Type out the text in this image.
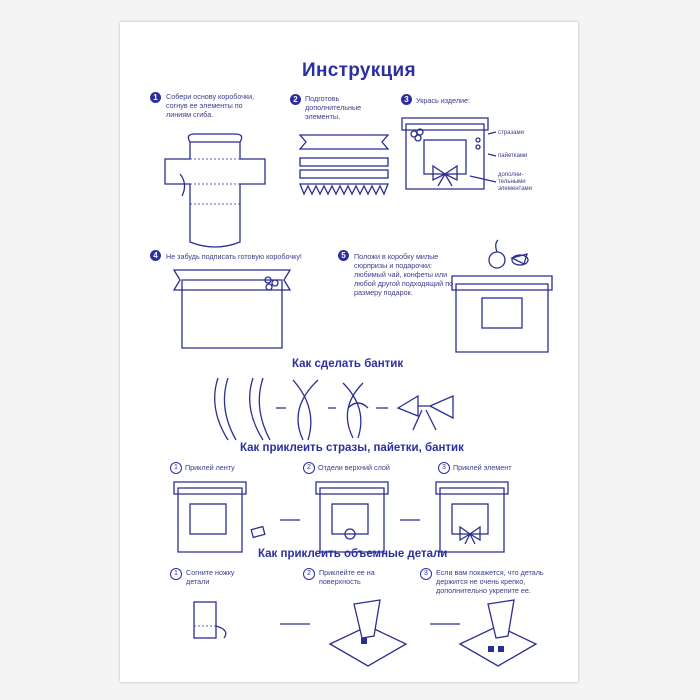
Инструкция
1	Собери основу коробочки, согнув ее элементы по линиям сгиба.
2	Подготовь дополнительные элементы.
3	Укрась изделие:
стразами
пайетками
дополни-тельными элементами
4	Не забудь подписать готовую коробочку!	5	Положи в коробку милые сюрпризы и подарочки: любимый чай, конфеты или любой другой подходящий по размеру подарок.
Как сделать бантик
Как приклеить стразы, пайетки, бантик
1 Приклей ленту	2 Отдели верхний слой	3 Приклей элемент
Как приклеить объемные детали
1	Согните ножку детали
2	Приклейте ее на поверхность
3	Если вам покажется, что деталь держится не очень крепко, дополнительно укрепите ее.
